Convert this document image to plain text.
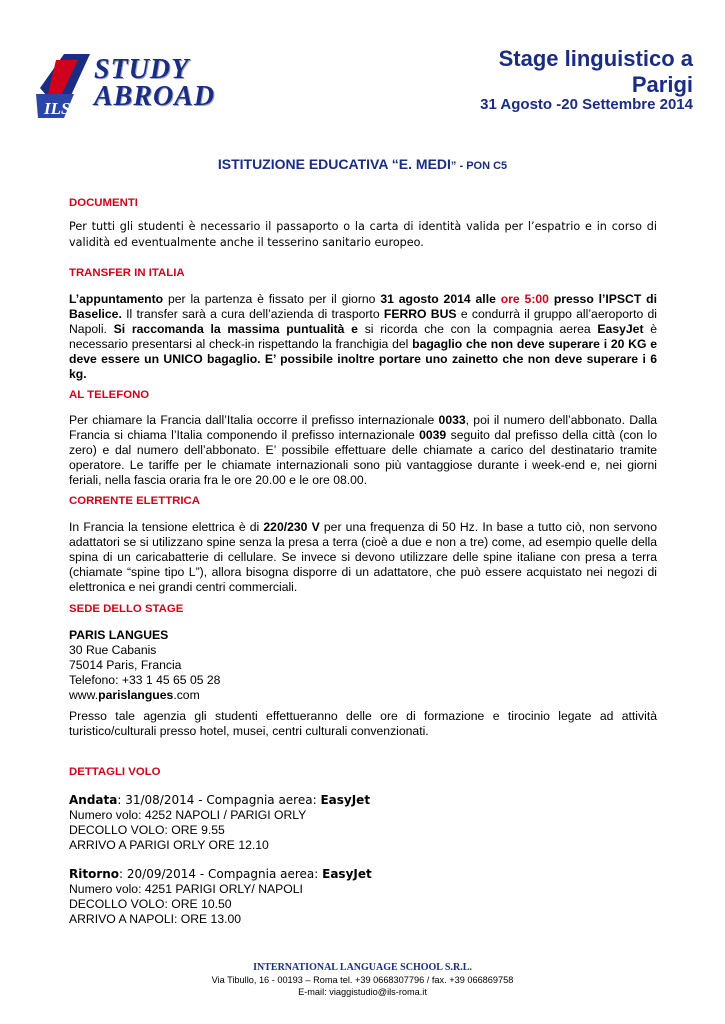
ILS
STUDY
ABROAD
Stage linguistico a
Parigi
31 Agosto -20 Settembre 2014
ISTITUZIONE EDUCATIVA “E. MEDI” - PON C5
DOCUMENTI
Per tutti gli studenti è necessario il passaporto o la carta di identità valida per l’espatrio e in corso di validità ed eventualmente anche il tesserino sanitario europeo.
TRANSFER IN ITALIA
L’appuntamento per la partenza è fissato per il giorno 31 agosto 2014 alle ore 5:00 presso l’IPSCT di Baselice. Il transfer sarà a cura dell’azienda di trasporto FERRO BUS e condurrà il gruppo all’aeroporto di Napoli. Si raccomanda la massima puntualità e si ricorda che con la compagnia aerea EasyJet è necessario presentarsi al check-in rispettando la franchigia del bagaglio che non deve superare i 20 KG e deve essere un UNICO bagaglio. E’ possibile inoltre portare uno zainetto che non deve superare i 6 kg.
AL TELEFONO
Per chiamare la Francia dall’Italia occorre il prefisso internazionale 0033, poi il numero dell’abbonato. Dalla Francia si chiama l’Italia componendo il prefisso internazionale 0039 seguito dal prefisso della città (con lo zero) e dal numero dell’abbonato. E’ possibile effettuare delle chiamate a carico del destinatario tramite operatore. Le tariffe per le chiamate internazionali sono più vantaggiose durante i week-end e, nei giorni feriali, nella fascia oraria fra le ore 20.00 e le ore 08.00.
CORRENTE ELETTRICA
In Francia la tensione elettrica è di 220/230 V per una frequenza di 50 Hz. In base a tutto ciò, non servono adattatori se si utilizzano spine senza la presa a terra (cioè a due e non a tre) come, ad esempio quelle della spina di un caricabatterie di cellulare. Se invece si devono utilizzare delle spine italiane con presa a terra (chiamate “spine tipo L”), allora bisogna disporre di un adattatore, che può essere acquistato nei negozi di elettronica e nei grandi centri commerciali.
SEDE DELLO STAGE
PARIS LANGUES
30 Rue Cabanis
75014 Paris, Francia
Telefono: +33 1 45 65 05 28
www.parislangues.com
Presso tale agenzia gli studenti effettueranno delle ore di formazione e tirocinio legate ad attività turistico/culturali presso hotel, musei, centri culturali convenzionati.
DETTAGLI VOLO
Andata: 31/08/2014 - Compagnia aerea: EasyJet
Numero volo: 4252 NAPOLI / PARIGI ORLY
DECOLLO VOLO: ORE 9.55
ARRIVO A PARIGI ORLY ORE 12.10
Ritorno: 20/09/2014 - Compagnia aerea: EasyJet
Numero volo: 4251 PARIGI ORLY/ NAPOLI
DECOLLO VOLO: ORE 10.50
ARRIVO A NAPOLI: ORE 13.00
INTERNATIONAL LANGUAGE SCHOOL S.R.L.
Via Tibullo, 16 - 00193 – Roma tel. +39 0668307796 / fax. +39 066869758
E-mail: viaggistudio@ils-roma.it
